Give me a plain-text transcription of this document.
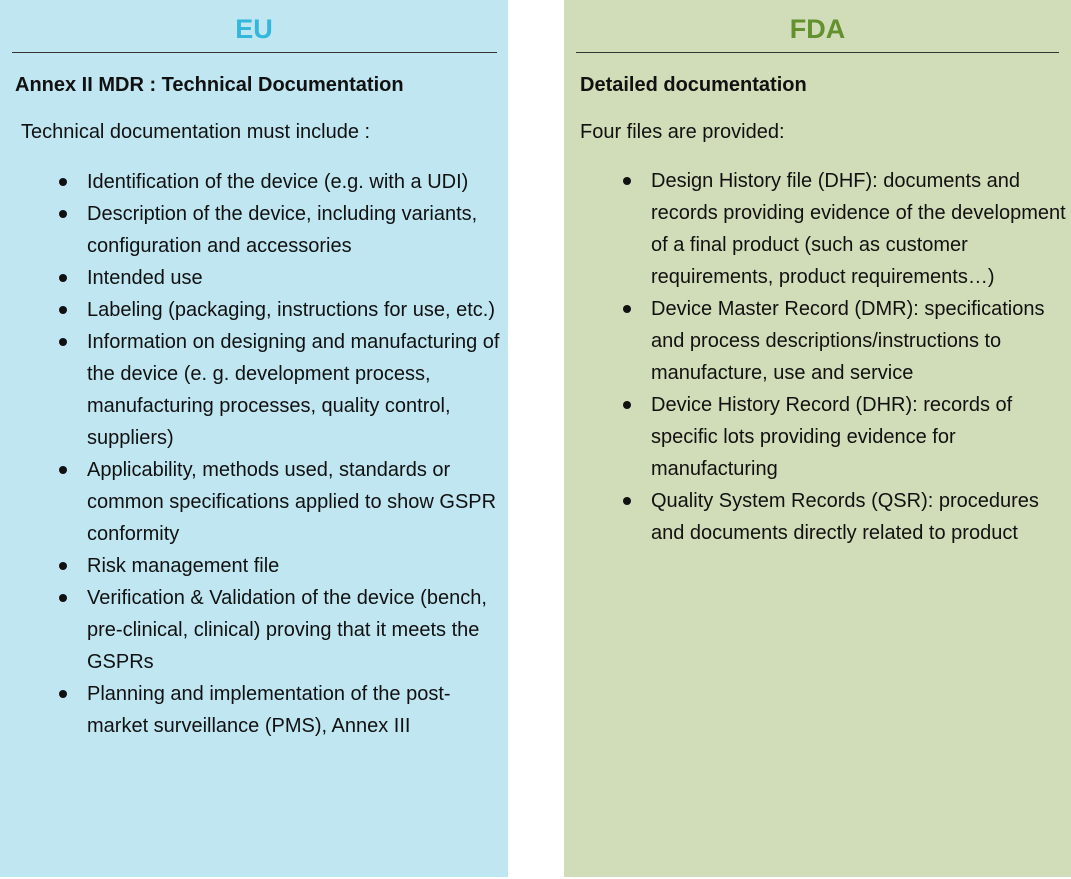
EU
Annex II MDR : Technical Documentation
Technical documentation must include :
Identification of the device (e.g. with a UDI)
Description of the device, including variants, configuration and accessories
Intended use
Labeling (packaging, instructions for use, etc.)
Information on designing and manufacturing of the device (e. g. development process, manufacturing processes, quality control, suppliers)
Applicability, methods used, standards or common specifications applied to show GSPR conformity
Risk management file
Verification & Validation of the device (bench, pre-clinical, clinical) proving that it meets the GSPRs
Planning and implementation of the post-market surveillance (PMS), Annex III
FDA
Detailed documentation
Four files are provided:
Design History file (DHF): documents and records providing evidence of the development of a final product (such as customer requirements, product requirements…)
Device Master Record (DMR): specifications and process descriptions/instructions to manufacture, use and service
Device History Record (DHR): records of specific lots providing evidence for manufacturing
Quality System Records (QSR): procedures and documents directly related to product
